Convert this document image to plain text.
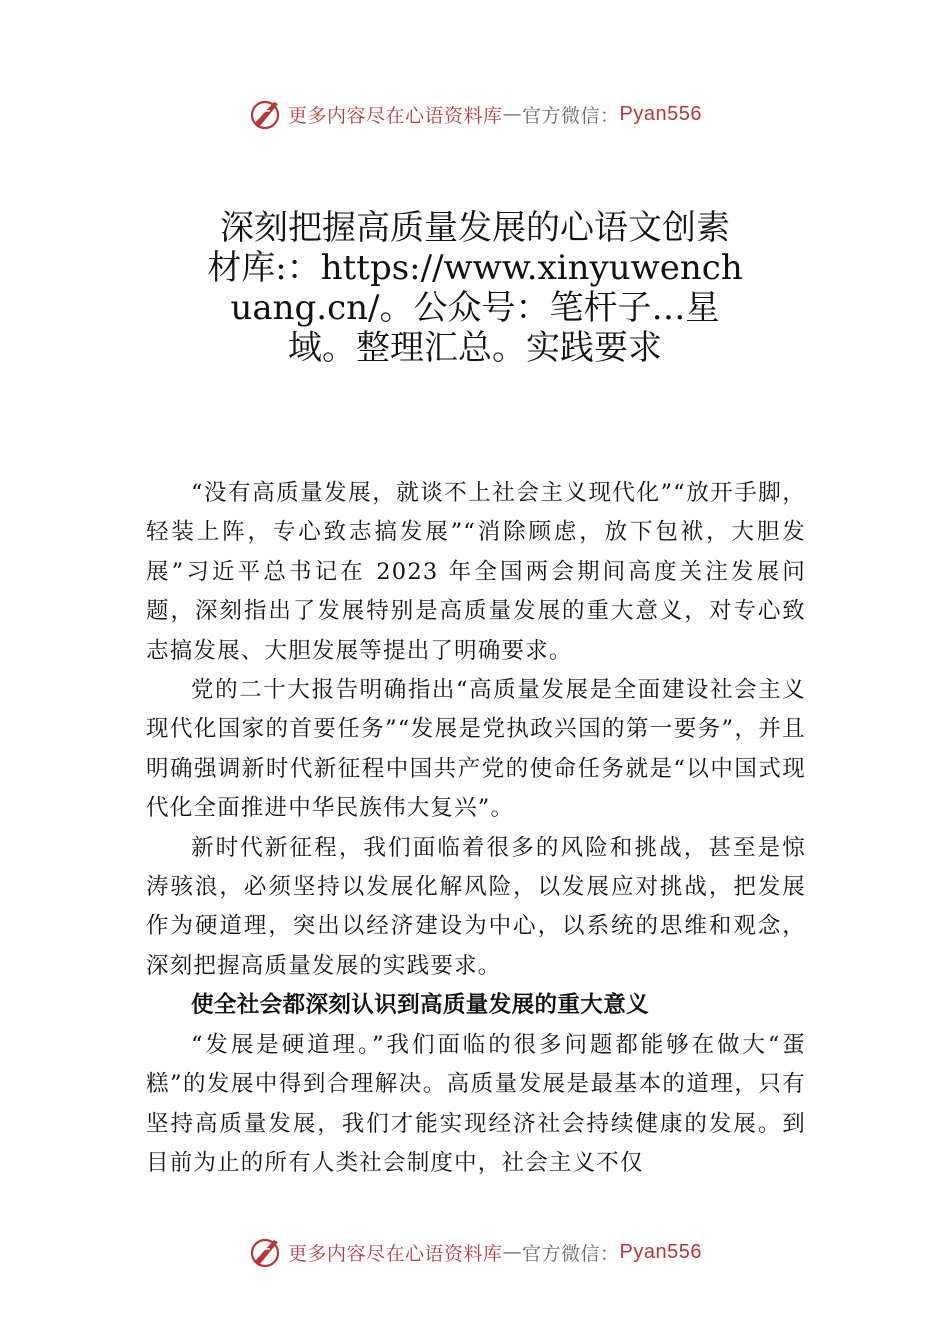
更多内容尽在心语资料库 — 官方微信： Pyan556
深刻把握高质量发展的心语文创素材库:：https://www.xinyuwenchuang.cn/。公众号：笔杆子…星域。整理汇总。实践要求

“没有高质量发展，就谈不上社会主义现代化”“放开手脚，轻装上阵，专心致志搞发展”“消除顾虑，放下包袱，大胆发展”习近平总书记在 2023 年全国两会期间高度关注发展问题，深刻指出了发展特别是高质量发展的重大意义，对专心致志搞发展、大胆发展等提出了明确要求。

党的二十大报告明确指出“高质量发展是全面建设社会主义现代化国家的首要任务”“发展是党执政兴国的第一要务”，并且明确强调新时代新征程中国共产党的使命任务就是“以中国式现代化全面推进中华民族伟大复兴”。

新时代新征程，我们面临着很多的风险和挑战，甚至是惊涛骇浪，必须坚持以发展化解风险，以发展应对挑战，把发展作为硬道理，突出以经济建设为中心，以系统的思维和观念，深刻把握高质量发展的实践要求。

使全社会都深刻认识到高质量发展的重大意义

“发展是硬道理。”我们面临的很多问题都能够在做大“蛋糕”的发展中得到合理解决。高质量发展是最基本的道理，只有坚持高质量发展，我们才能实现经济社会持续健康的发展。到目前为止的所有人类社会制度中，社会主义不仅

更多内容尽在心语资料库 — 官方微信： Pyan556
